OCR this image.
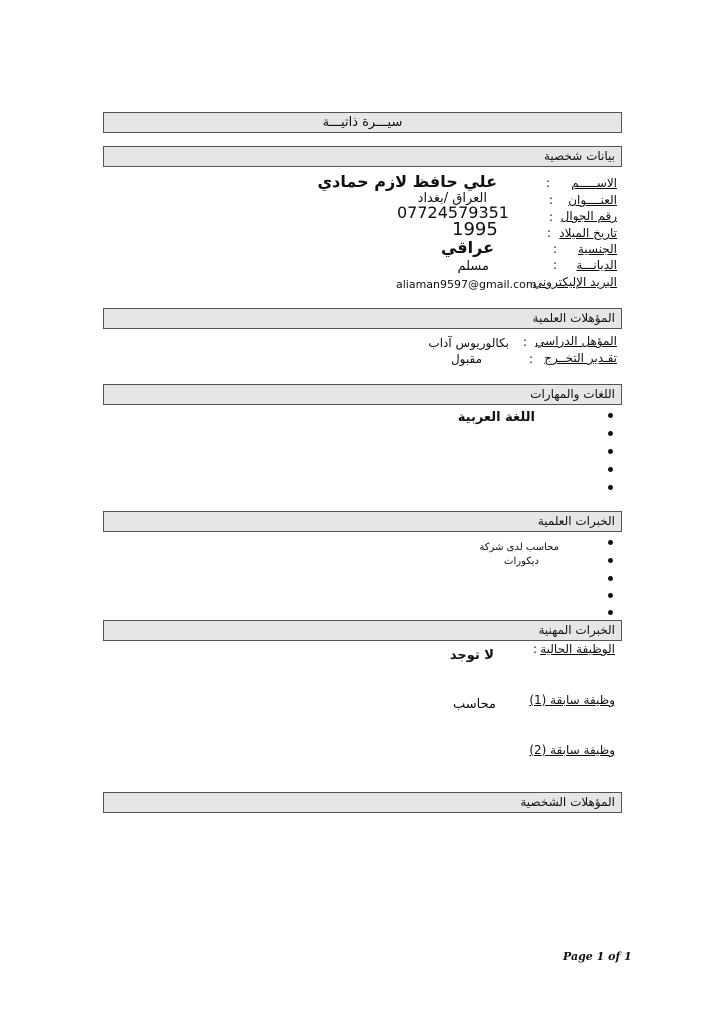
سيـــرة ذاتيـــة
بيانات شخصية
الاســـــم
:
علي حافظ لازم حمادي
العنــــوان
:
العراق /بغداد
رقم الجوال
:
07724579351
تاريخ الميلاد
:
1995
الجنسية
:
عراقي
الديانـــة
:
مسلم
البريد الإليكتروني
aliaman9597@gmail.com
المؤهلات العلمية
المؤهل الدراسي
:
بكالوريوس آداب
تقـدير التخــرج
:
مقبول
اللغات والمهارات
اللغة العربية
الخبرات العلمية
محاسب لدى شركة
ديكورات
الخبرات المهنية
الوظيفة الحالية
:
لا توجد
وظيفة سابقة (1)
محاسب
وظيفة سابقة (2)
المؤهلات الشخصية
Page 1 of 1
